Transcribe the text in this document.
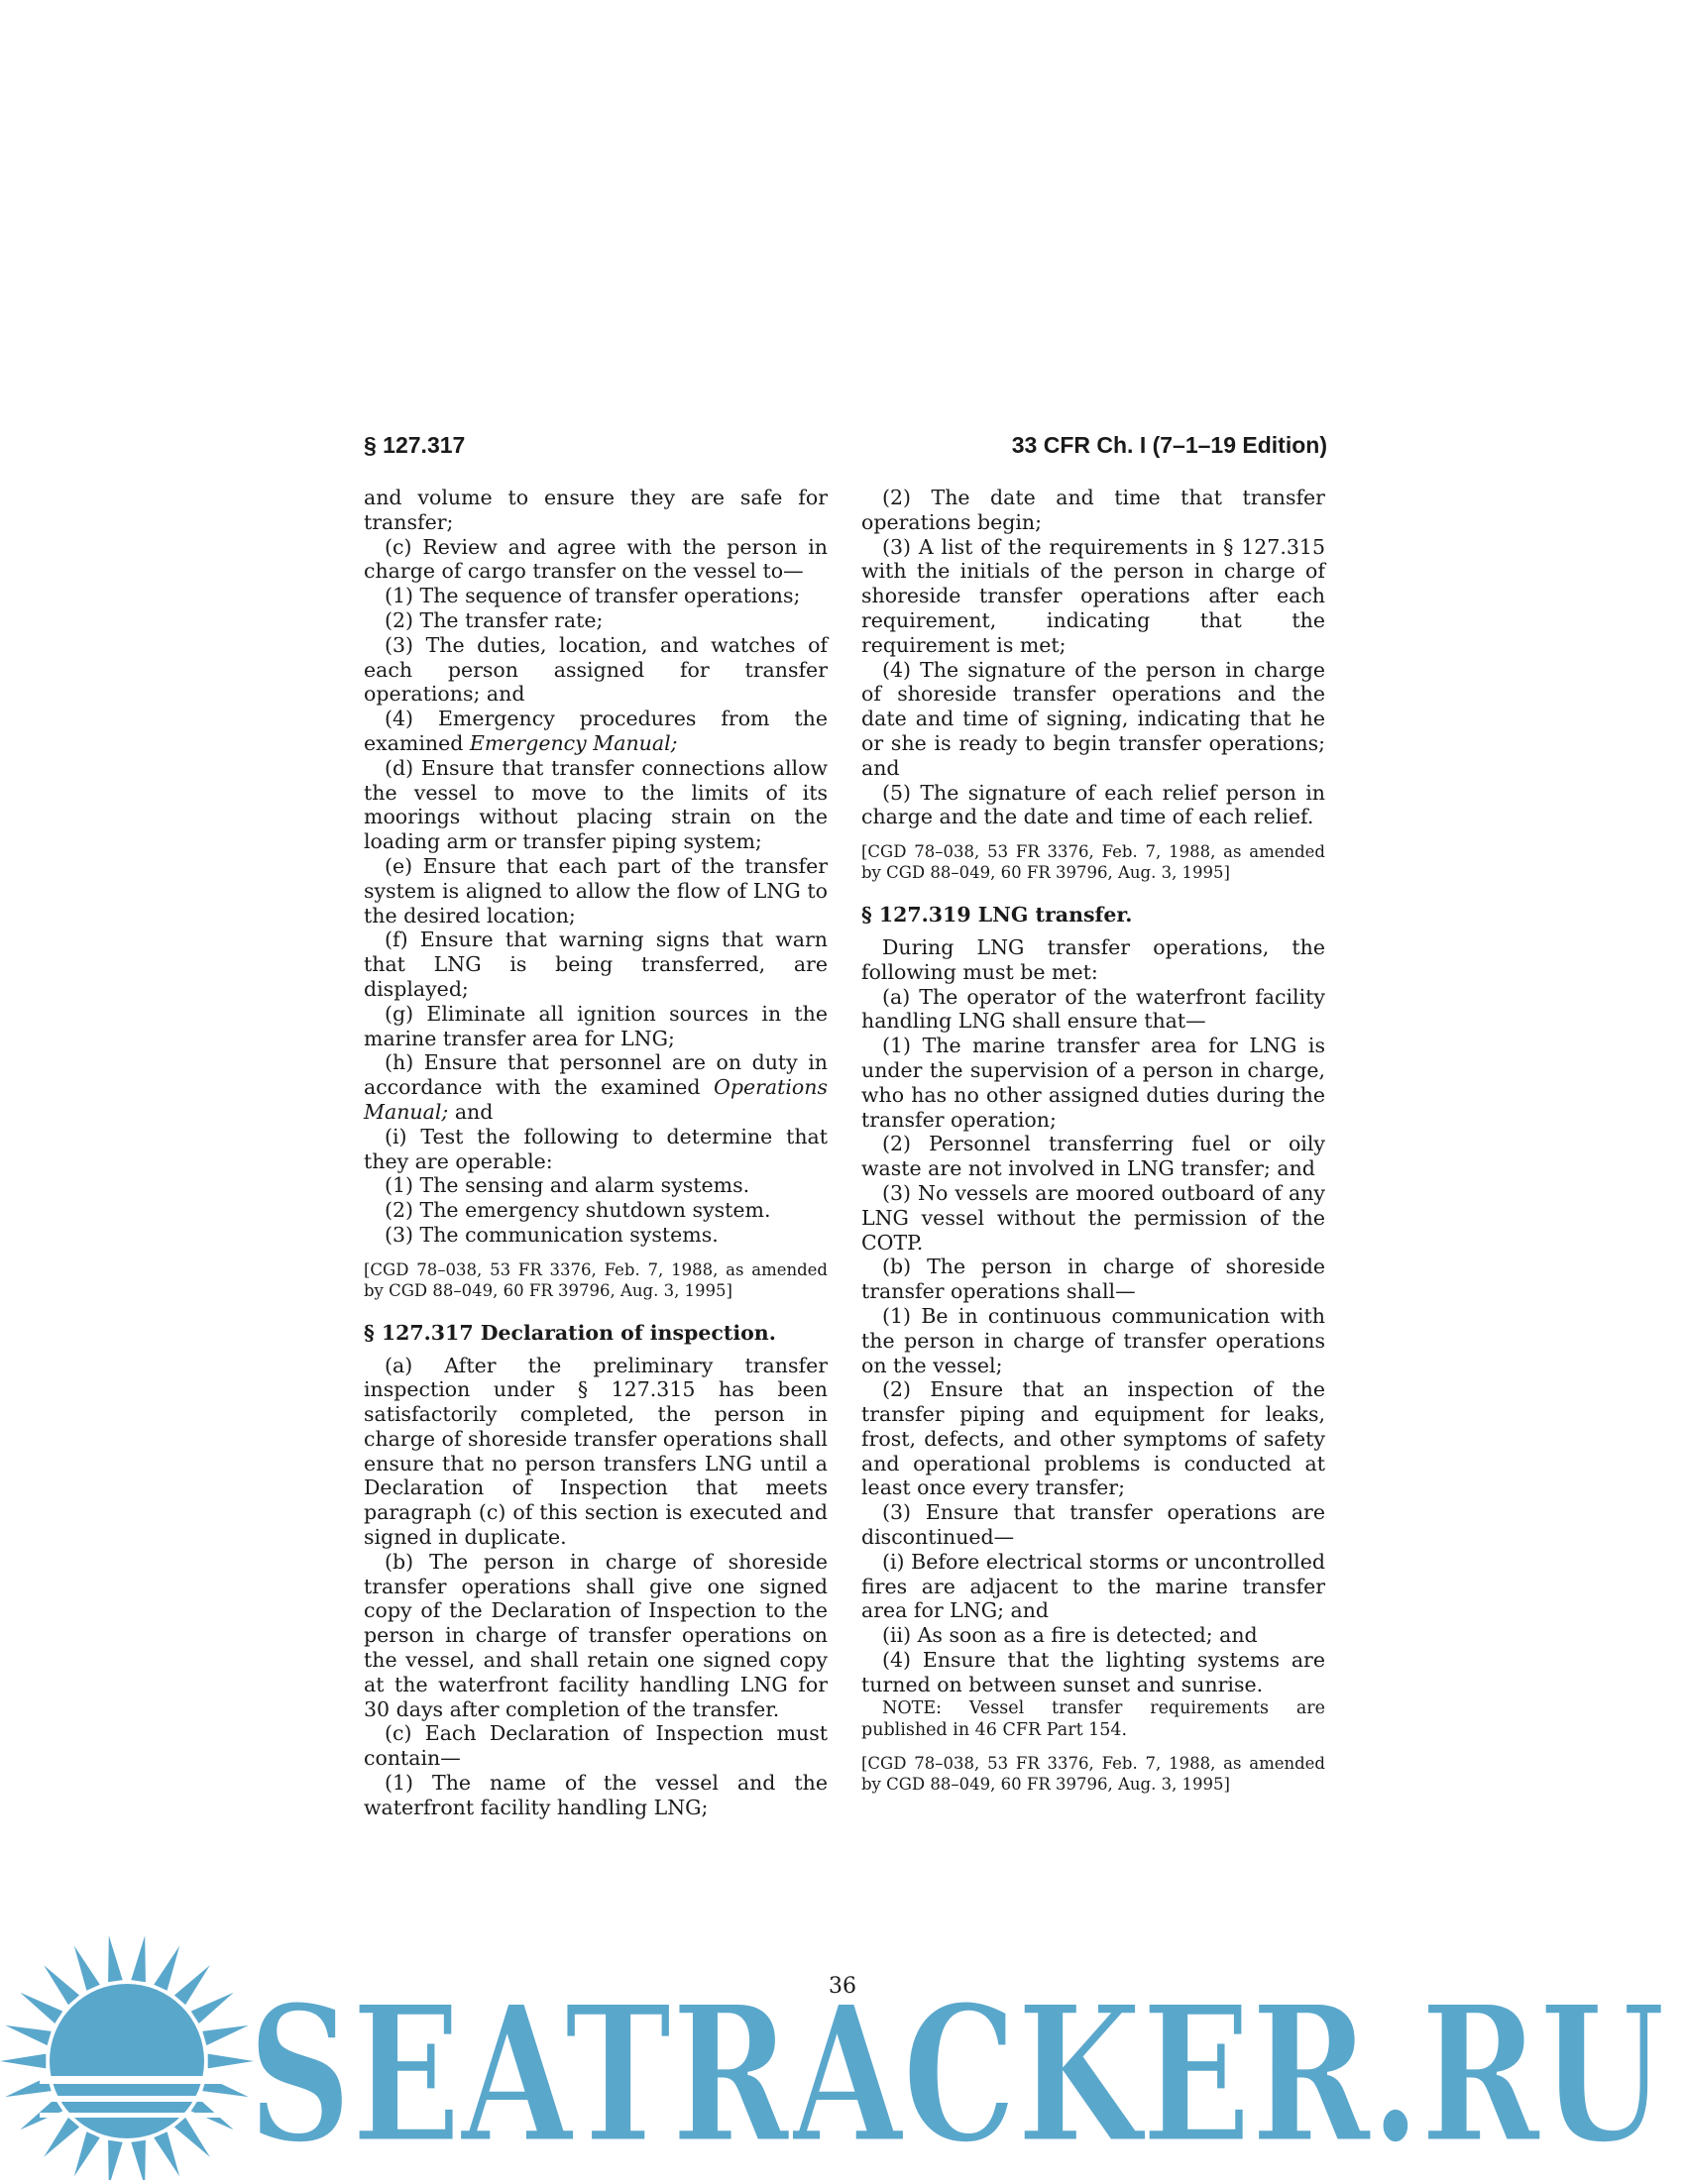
§ 127.317	33 CFR Ch. I (7–1–19 Edition)

and volume to ensure they are safe for transfer;

(c) Review and agree with the person in charge of cargo transfer on the vessel to—

(1) The sequence of transfer operations;

(2) The transfer rate;

(3) The duties, location, and watches of each person assigned for transfer operations; and

(4) Emergency procedures from the examined Emergency Manual;

(d) Ensure that transfer connections allow the vessel to move to the limits of its moorings without placing strain on the loading arm or transfer piping system;

(e) Ensure that each part of the transfer system is aligned to allow the flow of LNG to the desired location;

(f) Ensure that warning signs that warn that LNG is being transferred, are displayed;

(g) Eliminate all ignition sources in the marine transfer area for LNG;

(h) Ensure that personnel are on duty in accordance with the examined Operations Manual; and

(i) Test the following to determine that they are operable:

(1) The sensing and alarm systems.

(2) The emergency shutdown system.

(3) The communication systems.

[CGD 78–038, 53 FR 3376, Feb. 7, 1988, as amended by CGD 88–049, 60 FR 39796, Aug. 3, 1995]

§ 127.317 Declaration of inspection.

(a) After the preliminary transfer inspection under § 127.315 has been satisfactorily completed, the person in charge of shoreside transfer operations shall ensure that no person transfers LNG until a Declaration of Inspection that meets paragraph (c) of this section is executed and signed in duplicate.

(b) The person in charge of shoreside transfer operations shall give one signed copy of the Declaration of Inspection to the person in charge of transfer operations on the vessel, and shall retain one signed copy at the waterfront facility handling LNG for 30 days after completion of the transfer.

(c) Each Declaration of Inspection must contain—

(1) The name of the vessel and the waterfront facility handling LNG;

(2) The date and time that transfer operations begin;

(3) A list of the requirements in § 127.315 with the initials of the person in charge of shoreside transfer operations after each requirement, indicating that the requirement is met;

(4) The signature of the person in charge of shoreside transfer operations and the date and time of signing, indicating that he or she is ready to begin transfer operations; and

(5) The signature of each relief person in charge and the date and time of each relief.

[CGD 78–038, 53 FR 3376, Feb. 7, 1988, as amended by CGD 88–049, 60 FR 39796, Aug. 3, 1995]

§ 127.319 LNG transfer.

During LNG transfer operations, the following must be met:

(a) The operator of the waterfront facility handling LNG shall ensure that—

(1) The marine transfer area for LNG is under the supervision of a person in charge, who has no other assigned duties during the transfer operation;

(2) Personnel transferring fuel or oily waste are not involved in LNG transfer; and

(3) No vessels are moored outboard of any LNG vessel without the permission of the COTP.

(b) The person in charge of shoreside transfer operations shall—

(1) Be in continuous communication with the person in charge of transfer operations on the vessel;

(2) Ensure that an inspection of the transfer piping and equipment for leaks, frost, defects, and other symptoms of safety and operational problems is conducted at least once every transfer;

(3) Ensure that transfer operations are discontinued—

(i) Before electrical storms or uncontrolled fires are adjacent to the marine transfer area for LNG; and

(ii) As soon as a fire is detected; and

(4) Ensure that the lighting systems are turned on between sunset and sunrise.

NOTE: Vessel transfer requirements are published in 46 CFR Part 154.

[CGD 78–038, 53 FR 3376, Feb. 7, 1988, as amended by CGD 88–049, 60 FR 39796, Aug. 3, 1995]

36
SEATRACKER.RU
